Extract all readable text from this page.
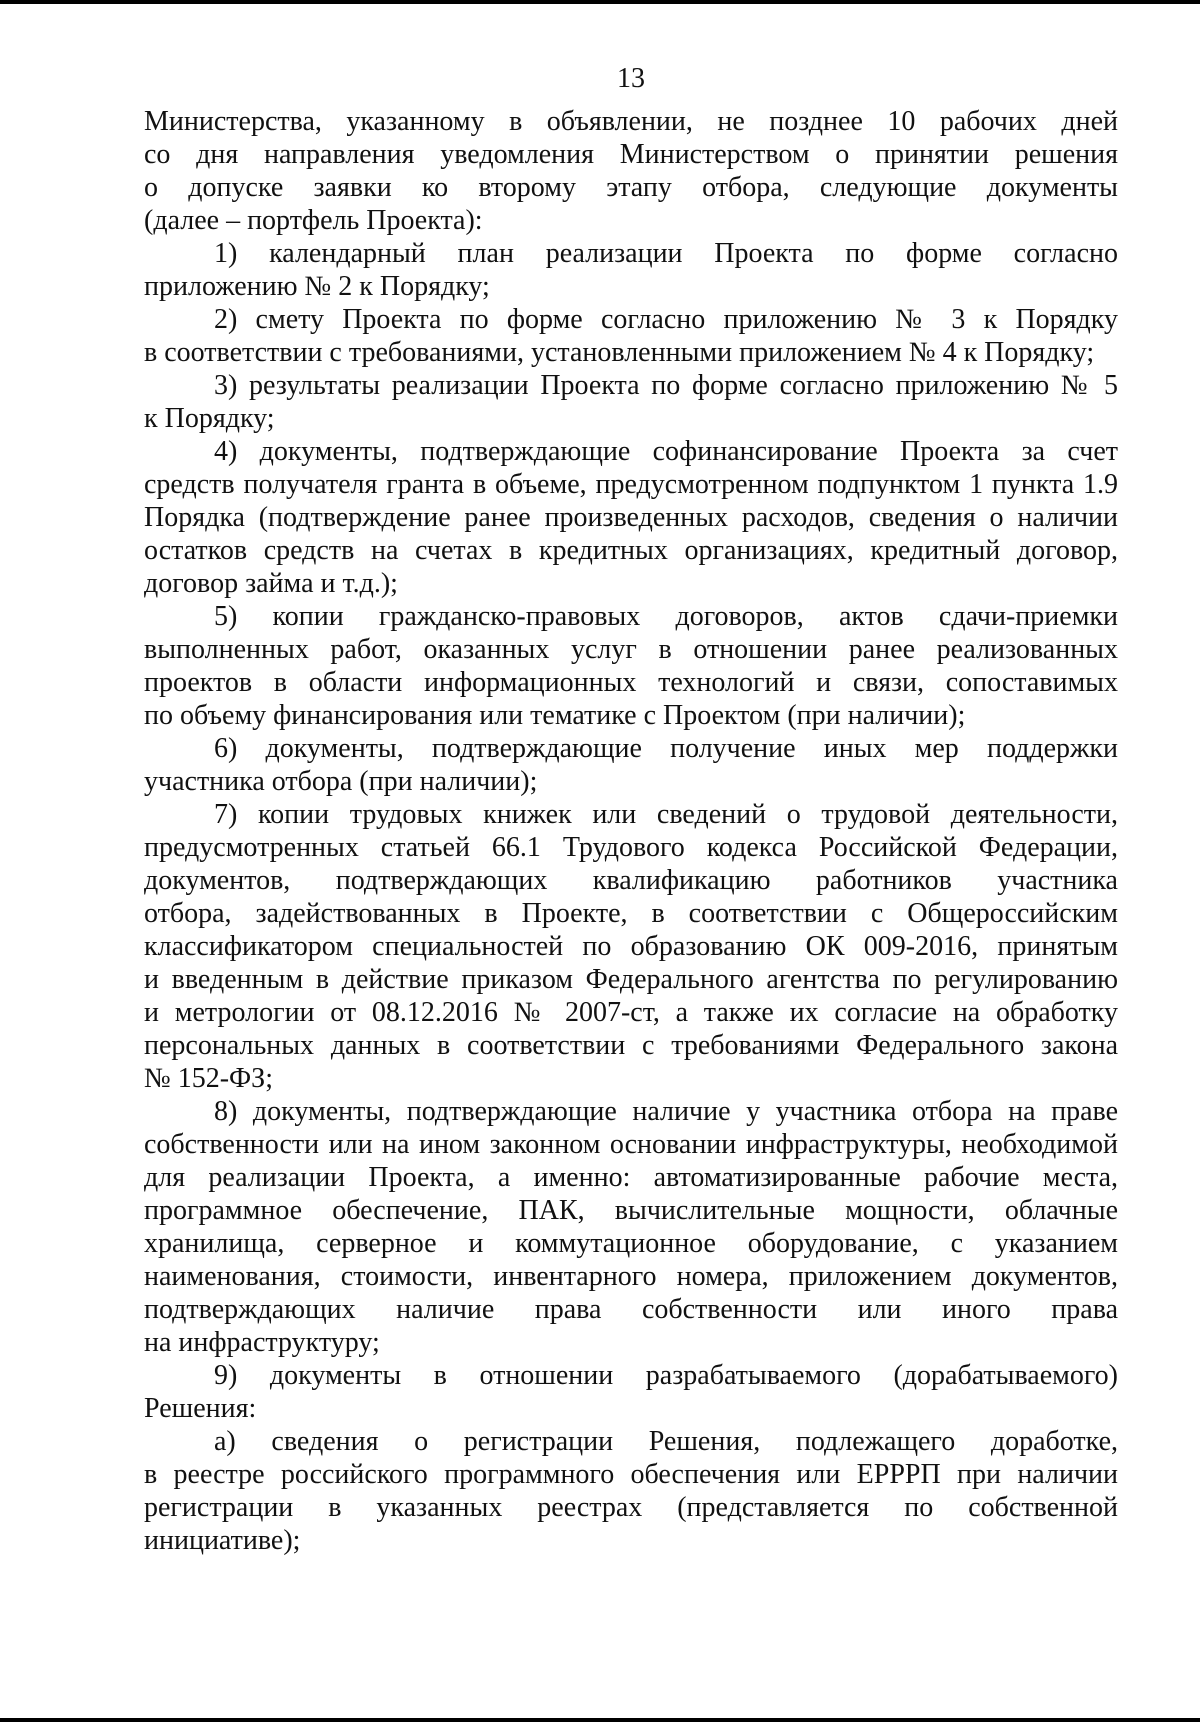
13

Министерства, указанному в объявлении, не позднее 10 рабочих дней

со дня направления уведомления Министерством о принятии решения

о допуске заявки ко второму этапу отбора, следующие документы

(далее – портфель Проекта):

1) календарный план реализации Проекта по форме согласно

приложению № 2 к Порядку;

2) смету Проекта по форме согласно приложению № 3 к Порядку

в соответствии с требованиями, установленными приложением № 4 к Порядку;

3) результаты реализации Проекта по форме согласно приложению № 5

к Порядку;

4) документы, подтверждающие софинансирование Проекта за счет

средств получателя гранта в объеме, предусмотренном подпунктом 1 пункта 1.9

Порядка (подтверждение ранее произведенных расходов, сведения о наличии

остатков средств на счетах в кредитных организациях, кредитный договор,

договор займа и т.д.);

5) копии гражданско-правовых договоров, актов сдачи-приемки

выполненных работ, оказанных услуг в отношении ранее реализованных

проектов в области информационных технологий и связи, сопоставимых

по объему финансирования или тематике с Проектом (при наличии);

6) документы, подтверждающие получение иных мер поддержки

участника отбора (при наличии);

7) копии трудовых книжек или сведений о трудовой деятельности,

предусмотренных статьей 66.1 Трудового кодекса Российской Федерации,

документов, подтверждающих квалификацию работников участника

отбора, задействованных в Проекте, в соответствии с Общероссийским

классификатором специальностей по образованию ОК 009-2016, принятым

и введенным в действие приказом Федерального агентства по регулированию

и метрологии от 08.12.2016 № 2007-ст, а также их согласие на обработку

персональных данных в соответствии с требованиями Федерального закона

№ 152-ФЗ;

8) документы, подтверждающие наличие у участника отбора на праве

собственности или на ином законном основании инфраструктуры, необходимой

для реализации Проекта, а именно: автоматизированные рабочие места,

программное обеспечение, ПАК, вычислительные мощности, облачные

хранилища, серверное и коммутационное оборудование, с указанием

наименования, стоимости, инвентарного номера, приложением документов,

подтверждающих наличие права собственности или иного права

на инфраструктуру;

9) документы в отношении разрабатываемого (дорабатываемого)

Решения:

а) сведения о регистрации Решения, подлежащего доработке,

в реестре российского программного обеспечения или ЕРРРП при наличии

регистрации в указанных реестрах (представляется по собственной

инициативе);
